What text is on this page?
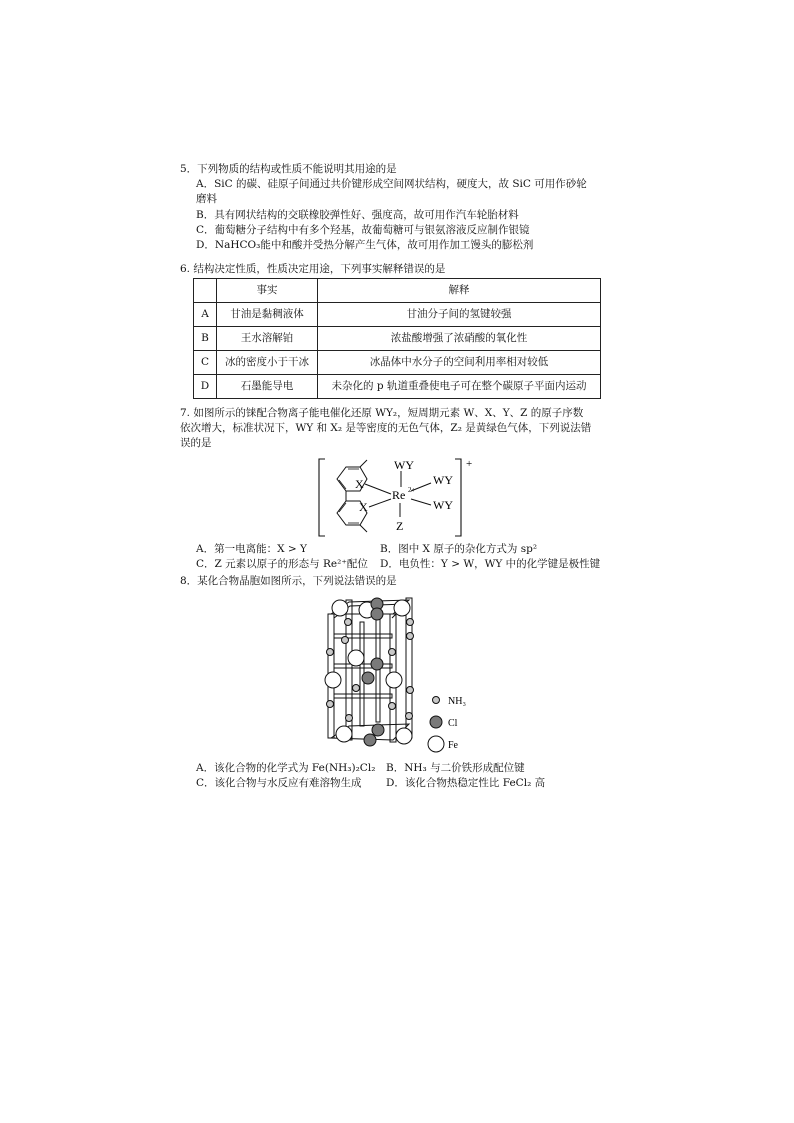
5．下列物质的结构或性质不能说明其用途的是
A．SiC 的碳、硅原子间通过共价键形成空间网状结构，硬度大，故 SiC 可用作砂轮
磨料
B．具有网状结构的交联橡胶弹性好、强度高，故可用作汽车轮胎材料
C．葡萄糖分子结构中有多个羟基，故葡萄糖可与银氨溶液反应制作银镜
D．NaHCO₃能中和酸并受热分解产生气体，故可用作加工馒头的膨松剂
6. 结构决定性质，性质决定用途，下列事实解释错误的是
	事实	解释
A	甘油是黏稠液体	甘油分子间的氢键较强
B	王水溶解铂	浓盐酸增强了浓硝酸的氧化性
C	冰的密度小于干冰	冰晶体中水分子的空间利用率相对较低
D	石墨能导电	未杂化的 p 轨道重叠使电子可在整个碳原子平面内运动
7. 如图所示的铼配合物离子能电催化还原 WY₂，短周期元素 W、X、Y、Z 的原子序数
依次增大，标准状况下，WY 和 X₂ 是等密度的无色气体，Z₂ 是黄绿色气体，下列说法错
误的是
+
X
X
Re 2+
WY
WY
WY
Z
A．第一电离能：X > Y	B．图中 X 原子的杂化方式为 sp²
C．Z 元素以原子的形态与 Re²⁺配位 D．电负性：Y > W，WY 中的化学键是极性键
8．某化合物晶胞如图所示，下列说法错误的是
NH₃
Cl
Fe
A．该化合物的化学式为 Fe(NH₃)₂Cl₂ B．NH₃ 与二价铁形成配位键
C．该化合物与水反应有难溶物生成 D．该化合物热稳定性比 FeCl₂ 高
